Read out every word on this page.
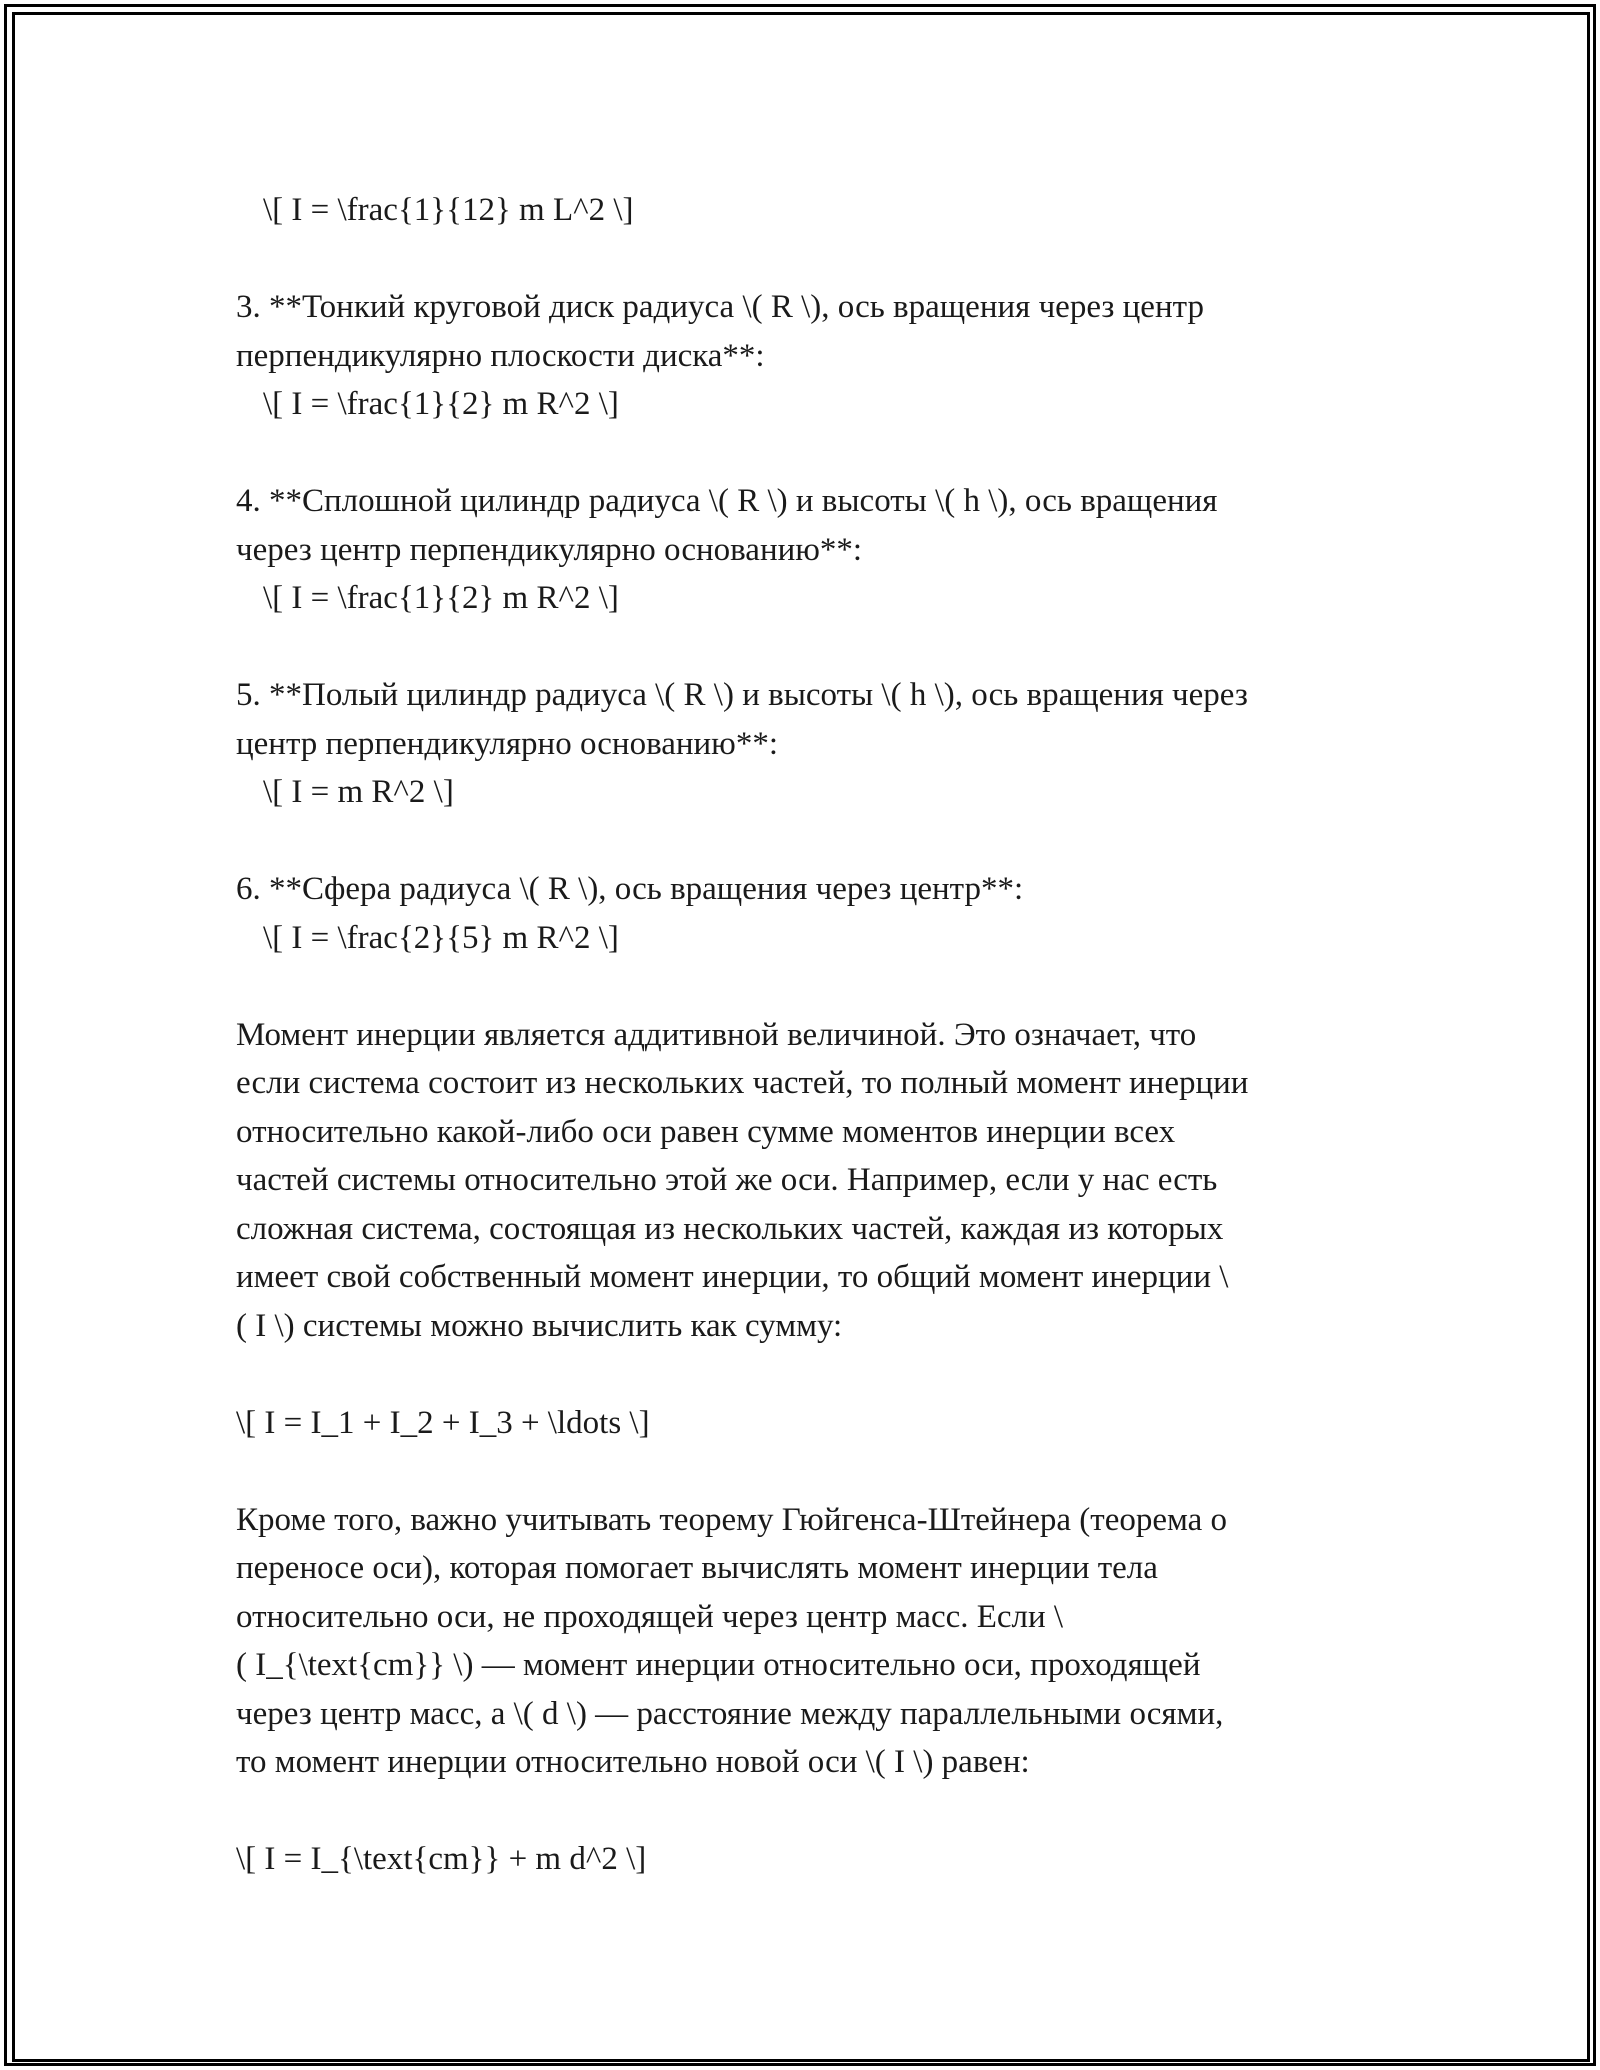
\[ I = \frac{1}{12} m L^2 \]

3. **Тонкий круговой диск радиуса \( R \), ось вращения через центр

перпендикулярно плоскости диска**:

\[ I = \frac{1}{2} m R^2 \]

4. **Сплошной цилиндр радиуса \( R \) и высоты \( h \), ось вращения

через центр перпендикулярно основанию**:

\[ I = \frac{1}{2} m R^2 \]

5. **Полый цилиндр радиуса \( R \) и высоты \( h \), ось вращения через

центр перпендикулярно основанию**:

\[ I = m R^2 \]

6. **Сфера радиуса \( R \), ось вращения через центр**:

\[ I = \frac{2}{5} m R^2 \]

Момент инерции является аддитивной величиной. Это означает, что

если система состоит из нескольких частей, то полный момент инерции

относительно какой-либо оси равен сумме моментов инерции всех

частей системы относительно этой же оси. Например, если у нас есть

сложная система, состоящая из нескольких частей, каждая из которых

имеет свой собственный момент инерции, то общий момент инерции \

( I \) системы можно вычислить как сумму:

\[ I = I_1 + I_2 + I_3 + \ldots \]

Кроме того, важно учитывать теорему Гюйгенса-Штейнера (теорема о

переносе оси), которая помогает вычислять момент инерции тела

относительно оси, не проходящей через центр масс. Если \

( I_{\text{cm}} \) — момент инерции относительно оси, проходящей

через центр масс, а \( d \) — расстояние между параллельными осями,

то момент инерции относительно новой оси \( I \) равен:

\[ I = I_{\text{cm}} + m d^2 \]
